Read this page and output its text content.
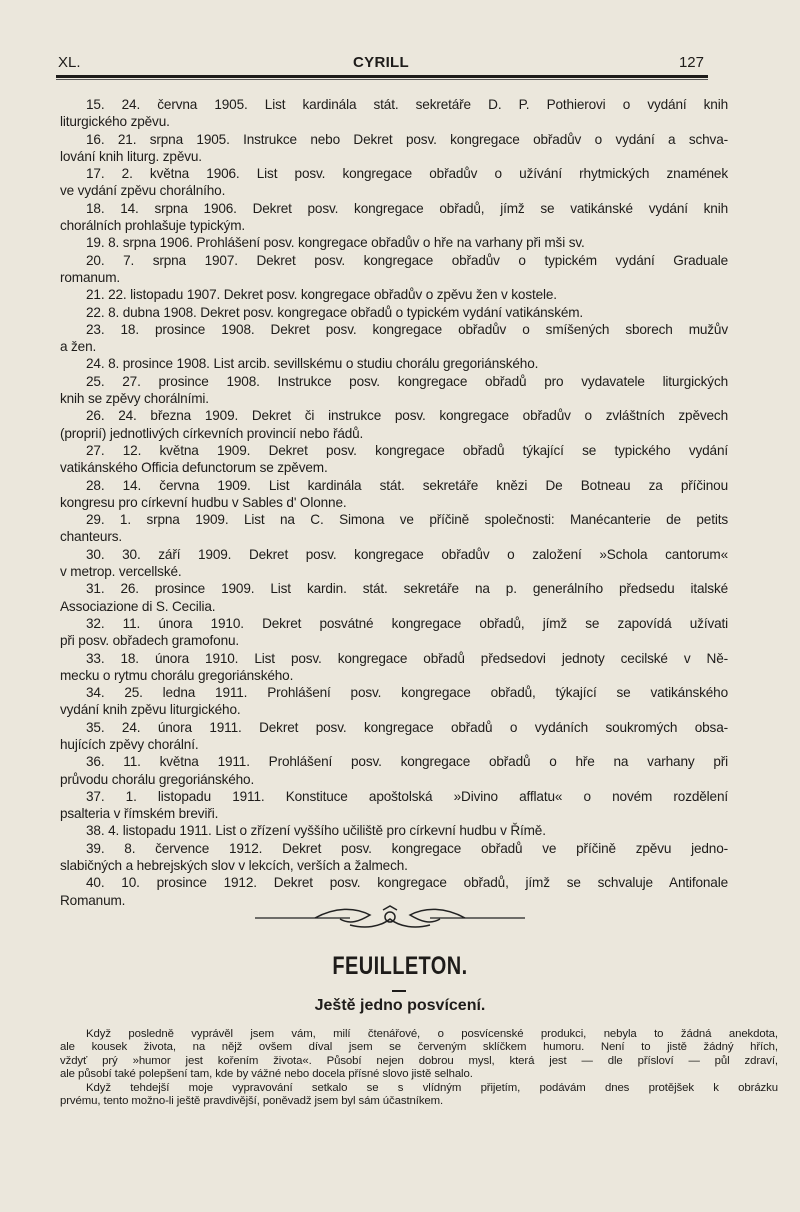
XL.	CYRILL	127
15. 24. června 1905. List kardinála stát. sekretáře D. P. Pothierovi o vydání knih
liturgického zpěvu.
16. 21. srpna 1905. Instrukce nebo Dekret posv. kongregace obřadův o vydání a schva-
lování knih liturg. zpěvu.
17. 2. května 1906. List posv. kongregace obřadův o užívání rhytmických znamének
ve vydání zpěvu chorálního.
18. 14. srpna 1906. Dekret posv. kongregace obřadů, jímž se vatikánské vydání knih
chorálních prohlašuje typickým.
19. 8. srpna 1906. Prohlášení posv. kongregace obřadův o hře na varhany při mši sv.
20. 7. srpna 1907. Dekret posv. kongregace obřadův o typickém vydání Graduale
romanum.
21. 22. listopadu 1907. Dekret posv. kongregace obřadův o zpěvu žen v kostele.
22. 8. dubna 1908. Dekret posv. kongregace obřadů o typickém vydání vatikánském.
23. 18. prosince 1908. Dekret posv. kongregace obřadův o smíšených sborech mužův
a žen.
24. 8. prosince 1908. List arcib. sevillskému o studiu chorálu gregoriánského.
25. 27. prosince 1908. Instrukce posv. kongregace obřadů pro vydavatele liturgických
knih se zpěvy chorálními.
26. 24. března 1909. Dekret či instrukce posv. kongregace obřadův o zvláštních zpěvech
(proprií) jednotlivých církevních provincií nebo řádů.
27. 12. května 1909. Dekret posv. kongregace obřadů týkající se typického vydání
vatikánského Officia defunctorum se zpěvem.
28. 14. června 1909. List kardinála stát. sekretáře knězi De Botneau za příčinou
kongresu pro církevní hudbu v Sables d' Olonne.
29. 1. srpna 1909. List na C. Simona ve příčině společnosti: Manécanterie de petits
chanteurs.
30. 30. září 1909. Dekret posv. kongregace obřadův o založení »Schola cantorum«
v metrop. vercellské.
31. 26. prosince 1909. List kardin. stát. sekretáře na p. generálního předsedu italské
Associazione di S. Cecilia.
32. 11. února 1910. Dekret posvátné kongregace obřadů, jímž se zapovídá užívati
při posv. obřadech gramofonu.
33. 18. února 1910. List posv. kongregace obřadů předsedovi jednoty cecilské v Ně-
mecku o rytmu chorálu gregoriánského.
34. 25. ledna 1911. Prohlášení posv. kongregace obřadů, týkající se vatikánského
vydání knih zpěvu liturgického.
35. 24. února 1911. Dekret posv. kongregace obřadů o vydáních soukromých obsa-
hujících zpěvy chorální.
36. 11. května 1911. Prohlášení posv. kongregace obřadů o hře na varhany při
průvodu chorálu gregoriánského.
37. 1. listopadu 1911. Konstituce apoštolská »Divino afflatu« o novém rozdělení
psalteria v římském breviři.
38. 4. listopadu 1911. List o zřízení vyššího učiliště pro církevní hudbu v Římě.
39. 8. července 1912. Dekret posv. kongregace obřadů ve příčině zpěvu jedno-
slabičných a hebrejských slov v lekcích, verších a žalmech.
40. 10. prosince 1912. Dekret posv. kongregace obřadů, jímž se schvaluje Antifonale
Romanum.
FEUILLETON.
Ještě jedno posvícení.
Když posledně vyprávěl jsem vám, milí čtenářové, o posvícenské produkci, nebyla to žádná anekdota,
ale kousek života, na nějž ovšem díval jsem se červeným sklíčkem humoru. Není to jistě žádný hřích,
vždyť prý »humor jest kořením života«. Působí nejen dobrou mysl, která jest — dle přísloví — půl zdraví,
ale působí také polepšení tam, kde by vážné nebo docela přísné slovo jistě selhalo.
Když tehdejší moje vypravování setkalo se s vlídným přijetím, podávám dnes protějšek k obrázku
prvému, tento možno-li ještě pravdivější, poněvadž jsem byl sám účastníkem.
